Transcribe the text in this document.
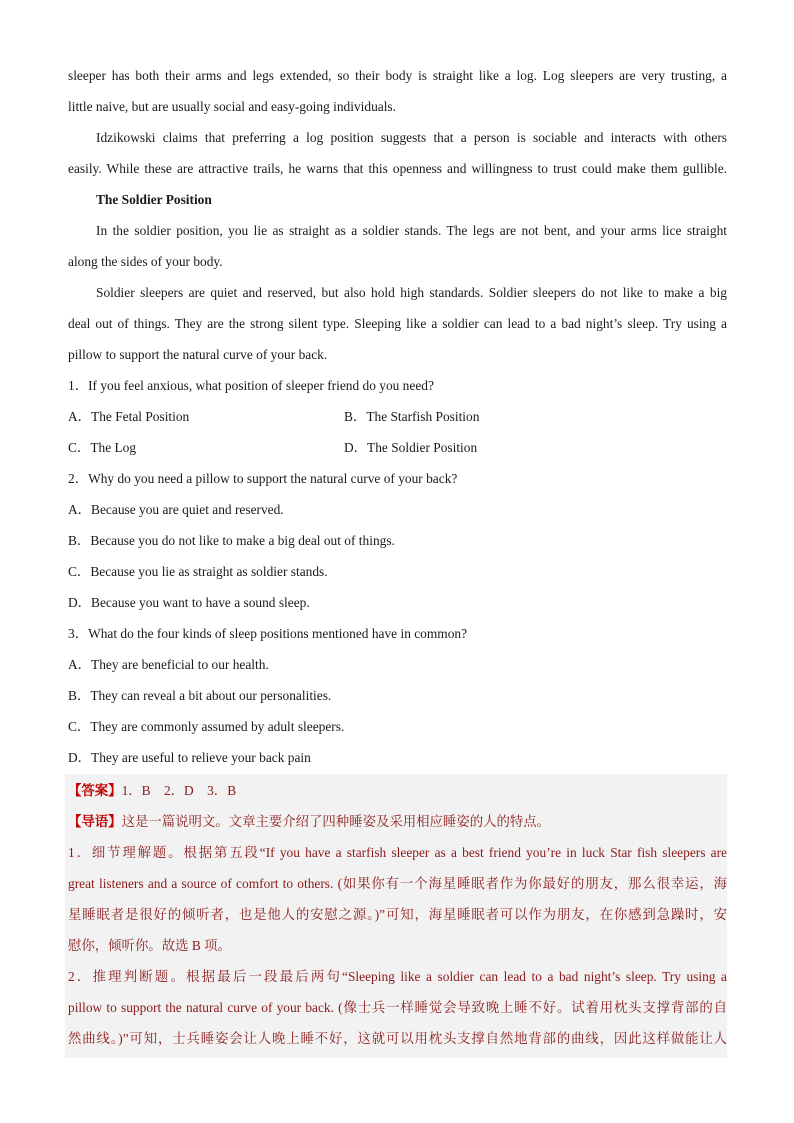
sleeper has both their arms and legs extended, so their body is straight like a log. Log sleepers are very trusting, a
little naive, but are usually social and easy-going individuals.
Idzikowski claims that preferring a log position suggests that a person is sociable and interacts with others
easily. While these are attractive trails, he warns that this openness and willingness to trust could make them gullible.
The Soldier Position
In the soldier position, you lie as straight as a soldier stands. The legs are not bent, and your arms lice straight
along the sides of your body.
Soldier sleepers are quiet and reserved, but also hold high standards. Soldier sleepers do not like to make a big
deal out of things. They are the strong silent type. Sleeping like a soldier can lead to a bad night’s sleep. Try using a
pillow to support the natural curve of your back.
1．If you feel anxious, what position of sleeper friend do you need?
A．The Fetal Position	B．The Starfish Position
C．The Log	D．The Soldier Position
2．Why do you need a pillow to support the natural curve of your back?
A．Because you are quiet and reserved.
B．Because you do not like to make a big deal out of things.
C．Because you lie as straight as soldier stands.
D．Because you want to have a sound sleep.
3．What do the four kinds of sleep positions mentioned have in common?
A．They are beneficial to our health.
B．They can reveal a bit about our personalities.
C．They are commonly assumed by adult sleepers.
D．They are useful to relieve your back pain
【答案】1．B　2．D　3．B
【导语】这是一篇说明文。文章主要介绍了四种睡姿及采用相应睡姿的人的特点。
1．细节理解题。根据第五段“If you have a starfish sleeper as a best friend you’re in luck Star fish sleepers are
great listeners and a source of comfort to others. (如果你有一个海星睡眠者作为你最好的朋友，那么很幸运，海
星睡眠者是很好的倾听者，也是他人的安慰之源。)”可知，海星睡眠者可以作为朋友，在你感到急躁时，安
慰你，倾听你。故选 B 项。
2．推理判断题。根据最后一段最后两句“Sleeping like a soldier can lead to a bad night’s sleep. Try using a
pillow to support the natural curve of your back. (像士兵一样睡觉会导致晚上睡不好。试着用枕头支撑背部的自
然曲线。)”可知，士兵睡姿会让人晚上睡不好，这就可以用枕头支撑自然地背部的曲线，因此这样做能让人
